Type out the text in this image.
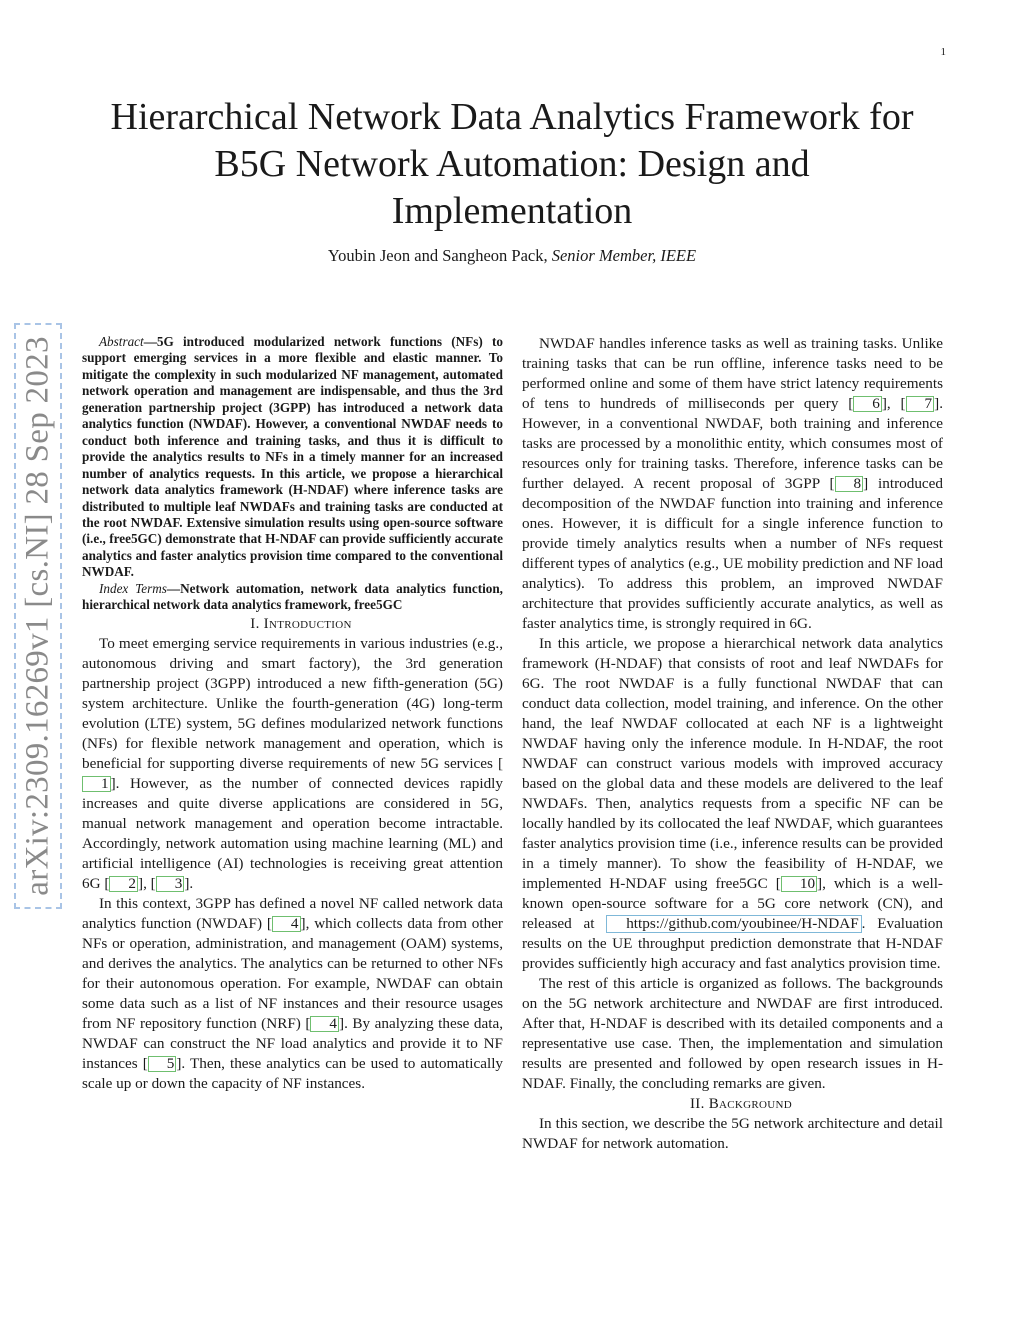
1
Hierarchical Network Data Analytics Framework for B5G Network Automation: Design and Implementation
Youbin Jeon and Sangheon Pack, Senior Member, IEEE
arXiv:2309.16269v1 [cs.NI] 28 Sep 2023	Abstract—5G introduced modularized network functions (NFs) to support emerging services in a more flexible and elastic manner. To mitigate the complexity in such modularized NF management, automated network operation and management are indispensable, and thus the 3rd generation partnership project (3GPP) has introduced a network data analytics function (NWDAF). However, a conventional NWDAF needs to conduct both inference and training tasks, and thus it is difficult to provide the analytics results to NFs in a timely manner for an increased number of analytics requests. In this article, we propose a hierarchical network data analytics framework (H-NDAF) where inference tasks are distributed to multiple leaf NWDAFs and training tasks are conducted at the root NWDAF. Extensive simulation results using open-source software (i.e., free5GC) demonstrate that H-NDAF can provide sufficiently accurate analytics and faster analytics provision time compared to the conventional NWDAF.

Index Terms—Network automation, network data analytics function, hierarchical network data analytics framework, free5GC

I. Introduction

To meet emerging service requirements in various industries (e.g., autonomous driving and smart factory), the 3rd generation partnership project (3GPP) introduced a new fifth-generation (5G) system architecture. Unlike the fourth-generation (4G) long-term evolution (LTE) system, 5G defines modularized network functions (NFs) for flexible network management and operation, which is beneficial for supporting diverse requirements of new 5G services [1 ]. However, as the number of connected devices rapidly increases and quite diverse applications are considered in 5G, manual network management and operation become intractable. Accordingly, network automation using machine learning (ML) and artificial intelligence (AI) technologies is receiving great attention 6G [ 2 ], [ 3 ].

In this context, 3GPP has defined a novel NF called network data analytics function (NWDAF) [ 4 ], which collects data from other NFs or operation, administration, and management (OAM) systems, and derives the analytics. The analytics can be returned to other NFs for their autonomous operation. For example, NWDAF can obtain some data such as a list of NF instances and their resource usages from NF repository function (NRF) [ 4 ]. By analyzing these data, NWDAF can construct the NF load analytics and provide it to NF instances [ 5 ]. Then, these analytics can be used to automatically scale up or down the capacity of NF instances.

NWDAF handles inference tasks as well as training tasks. Unlike training tasks that can be run offline, inference tasks need to be performed online and some of them have strict latency requirements of tens to hundreds of milliseconds per query [ 6 ], [ 7 ]. However, in a conventional NWDAF, both training and inference tasks are processed by a monolithic entity, which consumes most of resources only for training tasks. Therefore, inference tasks can be further delayed. A recent proposal of 3GPP [ 8 ] introduced decomposition of the NWDAF function into training and inference ones. However, it is difficult for a single inference function to provide timely analytics results when a number of NFs request different types of analytics (e.g., UE mobility prediction and NF load analytics). To address this problem, an improved NWDAF architecture that provides sufficiently accurate analytics, as well as faster analytics time, is strongly required in 6G.

In this article, we propose a hierarchical network data analytics framework (H-NDAF) that consists of root and leaf NWDAFs for 6G. The root NWDAF is a fully functional NWDAF that can conduct data collection, model training, and inference. On the other hand, the leaf NWDAF collocated at each NF is a lightweight NWDAF having only the inference module. In H-NDAF, the root NWDAF can construct various models with improved accuracy based on the global data and these models are delivered to the leaf NWDAFs. Then, analytics requests from a specific NF can be locally handled by its collocated the leaf NWDAF, which guarantees faster analytics provision time (i.e., inference results can be provided in a timely manner). To show the feasibility of H-NDAF, we implemented H-NDAF using free5GC [ 10 ], which is a well-known open-source software for a 5G core network (CN), and released at https://github.com/youbinee/H-NDAF . Evaluation results on the UE throughput prediction demonstrate that H-NDAF provides sufficiently high accuracy and fast analytics provision time.

The rest of this article is organized as follows. The backgrounds on the 5G network architecture and NWDAF are first introduced. After that, H-NDAF is described with its detailed components and a representative use case. Then, the implementation and simulation results are presented and followed by open research issues in H-NDAF. Finally, the concluding remarks are given.

II. Background

In this section, we describe the 5G network architecture and detail NWDAF for network automation.
